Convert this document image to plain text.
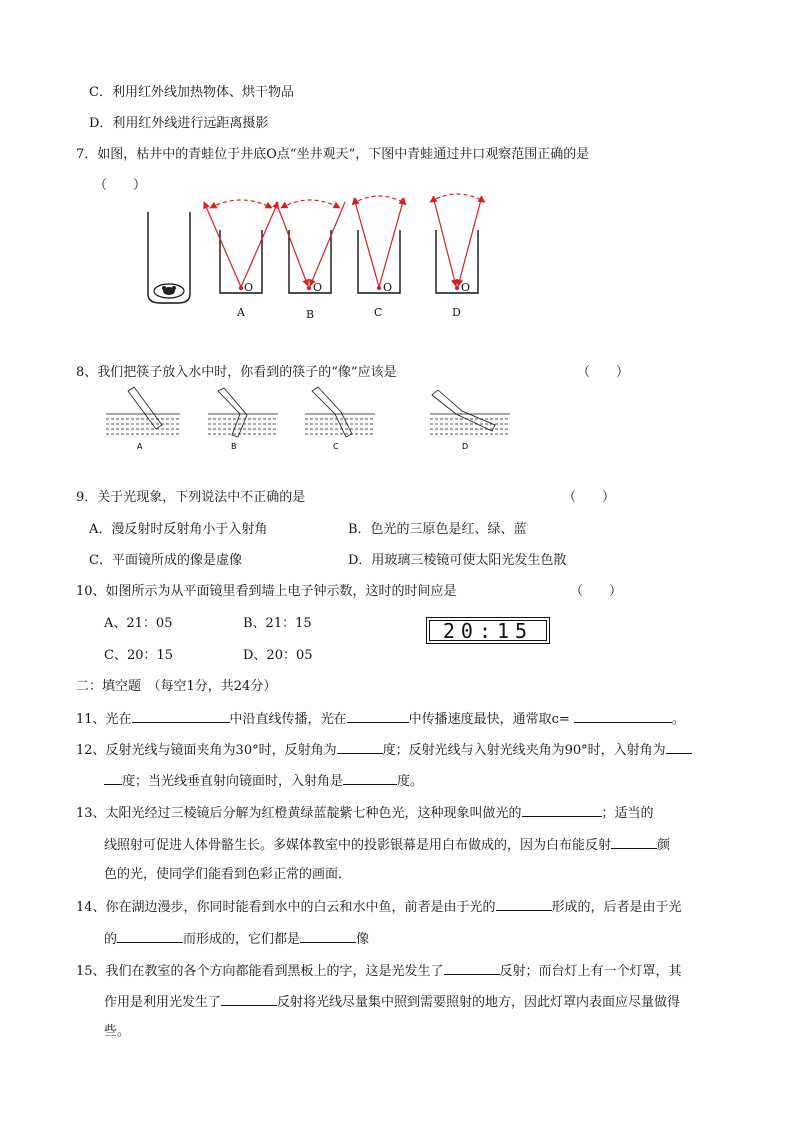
C．利用红外线加热物体、烘干物品
D．利用红外线进行远距离摄影
7．如图，枯井中的青蛙位于井底O点“坐井观天”，下图中青蛙通过井口观察范围正确的是
（　　）
O	O	O	O
A	B	C	D
8、我们把筷子放入水中时，你看到的筷子的“像”应该是	（　　）
A	B	C	D
9．关于光现象，下列说法中不正确的是	（　　）
A．漫反射时反射角小于入射角	B．色光的三原色是红、绿、蓝
C．平面镜所成的像是虚像	D．用玻璃三棱镜可使太阳光发生色散
10、如图所示为从平面镜里看到墙上电子钟示数，这时的时间应是	（　　）
A、21：05	B、21：15
C、20：15	D、20：05
20:15
二：填空题　（每空1分，共24分）
11、光在	中沿直线传播，光在	中传播速度最快，通常取c=	。
12、反射光线与镜面夹角为30°时，反射角为	度；反射光线与入射光线夹角为90°时，入射角为
度；当光线垂直射向镜面时，入射角是	度。
13、太阳光经过三棱镜后分解为红橙黄绿蓝靛紫七种色光，这种现象叫做光的	；适当的
线照射可促进人体骨骼生长。多媒体教室中的投影银幕是用白布做成的，因为白布能反射	颜
色的光，使同学们能看到色彩正常的画面．
14、你在湖边漫步，你同时能看到水中的白云和水中鱼，前者是由于光的	形成的，后者是由于光
的	而形成的，它们都是	像
15、我们在教室的各个方向都能看到黑板上的字，这是光发生了	反射；而台灯上有一个灯罩，其
作用是利用光发生了	反射将光线尽量集中照到需要照射的地方，因此灯罩内表面应尽量做得
些。
